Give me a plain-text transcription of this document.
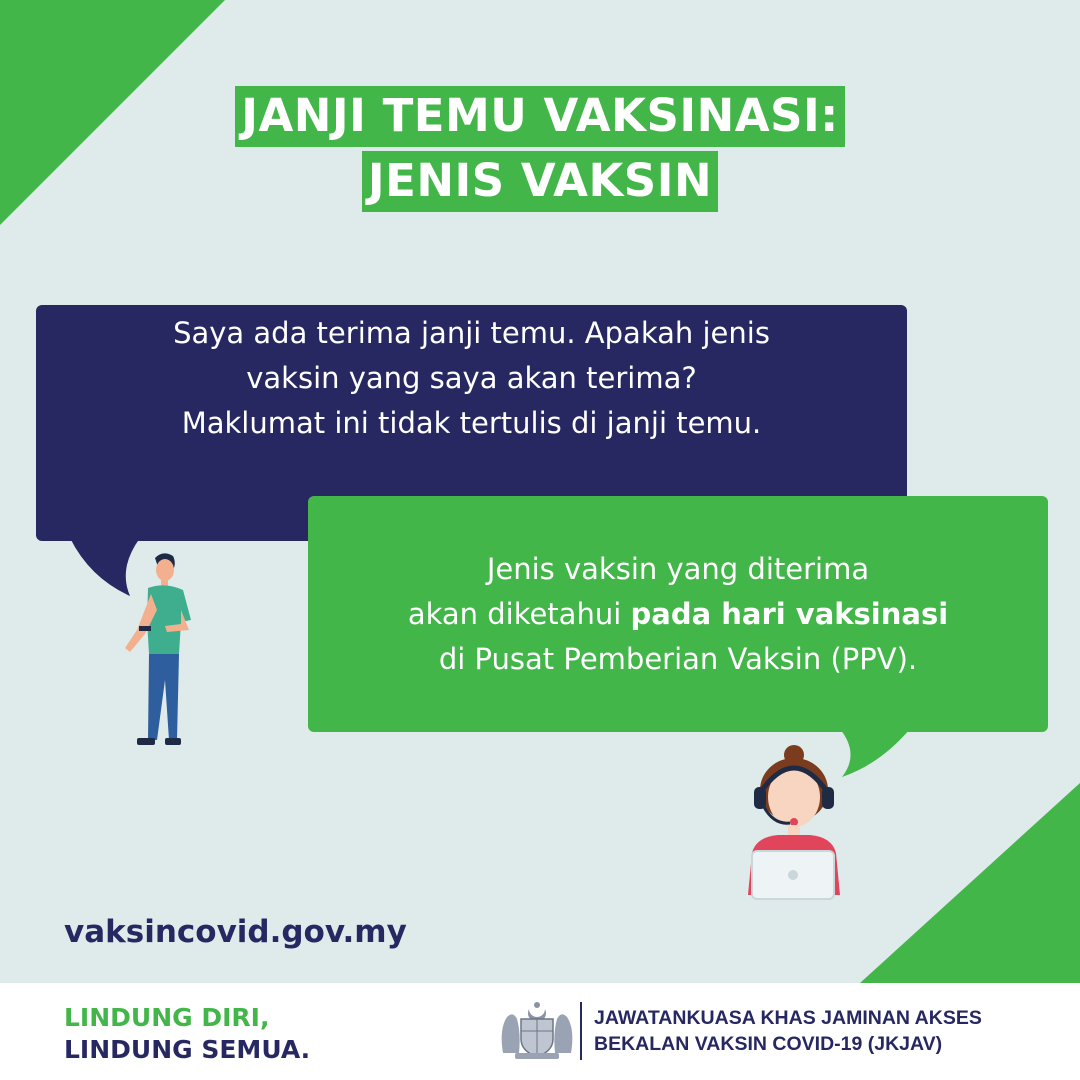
JANJI TEMU VAKSINASI:
JENIS VAKSIN
Saya ada terima janji temu. Apakah jenis
vaksin yang saya akan terima?
Maklumat ini tidak tertulis di janji temu.
Jenis vaksin yang diterima
akan diketahui pada hari vaksinasi
di Pusat Pemberian Vaksin (PPV).
vaksincovid.gov.my
LINDUNG DIRI,
LINDUNG SEMUA.
JAWATANKUASA KHAS JAMINAN AKSES
BEKALAN VAKSIN COVID-19 (JKJAV)
